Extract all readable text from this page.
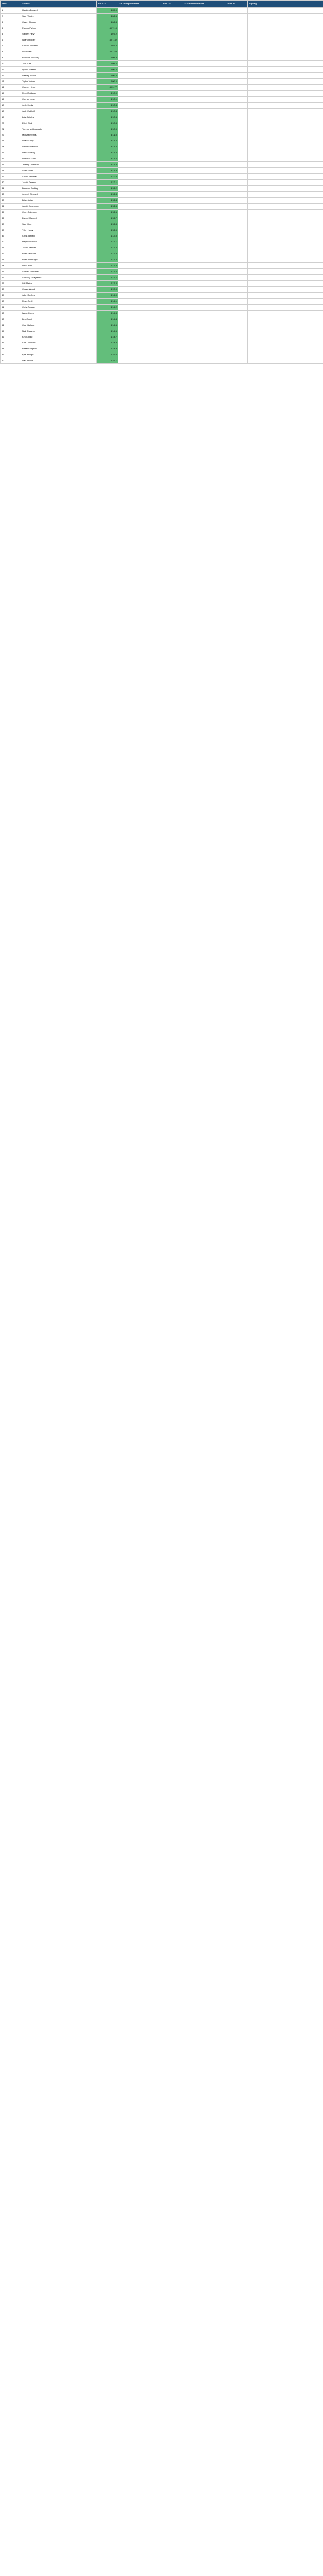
Rank	Athlete	2013-14	13-14 Improvement	2015-16	14-15 Improvement	2016-17	Signing
1	Hayden Boswell	4:05.9					
2	Sam Worley	4:06.6					
3	Casey Clinger	4:06.8					
4	Patrick Parker	4:07.10					
5	Steven Fahy	4:07.2					
6	Noah Affolder	4:07.32					
7	Cooper Williams	4:07.4					
8	Lee Sherr	4:07.58					
9	Brandon McGorty	4:08.3					
10	Jack Kite	4:08.6					
11	Quinn Koester	4:09.2					
12	Wesley Juhola	4:09.4					
13	Taylor Vinton	4:09.6					
14	Cooper Hirsch	4:09.77					
15	Reed Sullivan	4:10.0					
16	Connor Lane	4:10.1					
17	Josh Hardy	4:10.3					
18	Jack Eickhoff	4:10.4					
19	Luis Grijalva	4:10.5					
20	Elliot Gindi	4:10.8					
21	Tommy McDonough	4:10.9					
22	Michael Vernau	4:11.0					
23	Noah Carey	4:11.2					
24	Waleed Suliman	4:11.4					
25	Dan Geoffroy	4:11.5					
26	Nicholas Gale	4:11.6					
27	Jeremy Grobman	4:11.8					
28	Sean Dolan	4:11.9					
29	Aaron Sahlman	4:12.0					
30	Jacob Gereau	4:12.1					
31	Brandon Gatling	4:12.2					
32	Joseph Steward	4:12.3					
33	Brian Lujan	4:12.4					
34	Jacob Jorgenson	4:12.5					
35	Cruz Culpepper	4:12.6					
36	Daniel Maxwell	4:12.7					
37	Sam Hinz	4:12.8					
38	Tyler Henry	4:12.9					
39	Chris Tidwell	4:13.0					
40	Hayden Gonser	4:13.1					
41	Jaxon Renner	4:13.2					
42	Brian Leonard	4:13.3					
43	Ryan Burroughs	4:13.4					
44	Luke Bond	4:13.5					
45	Ahmed Muhumed	4:13.6					
46	Anthony Guagliardo	4:13.7					
47	Will Peters	4:13.8					
48	Chase Wood	4:13.9					
49	Jake Renfree	4:14.0					
50	Ryan Smith	4:14.1					
51	Chris Pearce	4:14.2					
52	Isaac Green	4:14.3					
53	Ben Grant	4:14.4					
54	Cole Bullock	4:14.5					
55	Nick Pagano	4:14.6					
56	Kirk Gerlitz	4:14.7					
57	Cole Johnson	4:14.8					
58	Blake Lampton	4:14.9					
59	Kyle Phillips	4:15.0					
60	Ivan Arriola	4:15.1					
